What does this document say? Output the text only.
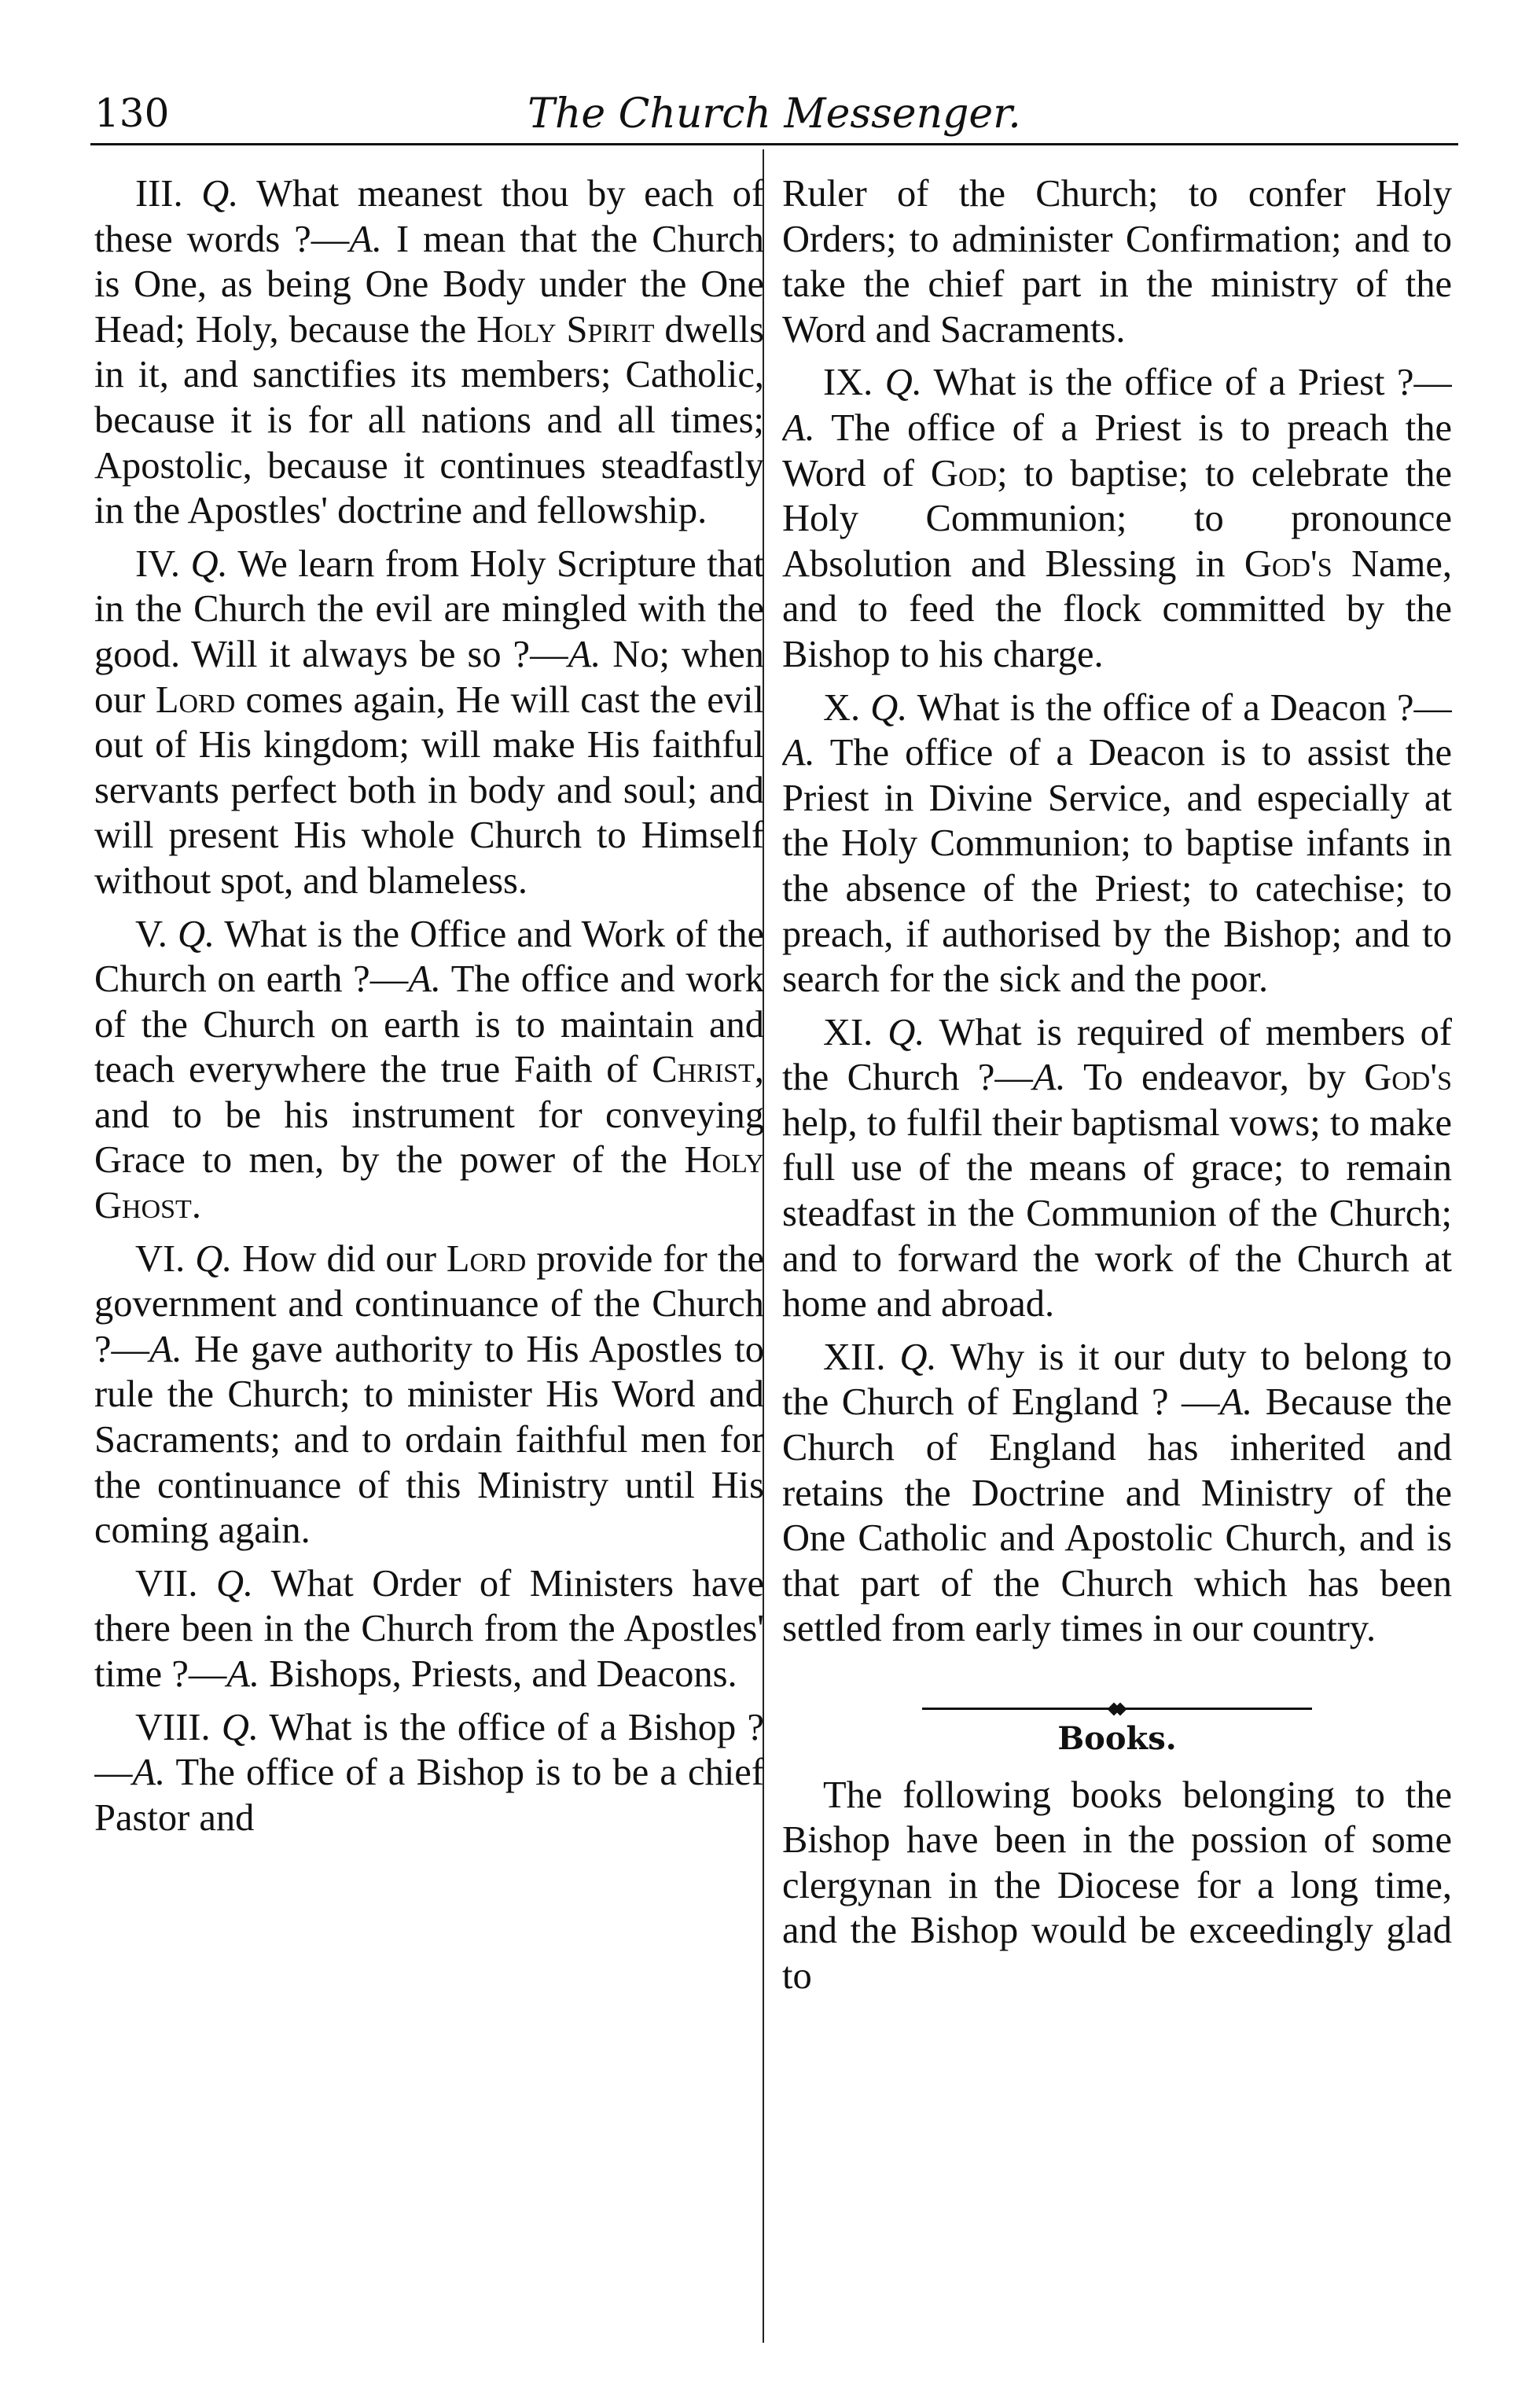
130	The Church Messenger.

III. Q. What meanest thou by each of these words ?—A. I mean that the Church is One, as being One Body under the One Head; Holy, because the Holy Spirit dwells in it, and sanctifies its members; Catholic, because it is for all nations and all times; Apostolic, because it continues steadfastly in the Apostles' doctrine and fellowship.

IV. Q. We learn from Holy Scripture that in the Church the evil are mingled with the good. Will it always be so ?—A. No; when our Lord comes again, He will cast the evil out of His kingdom; will make His faithful servants perfect both in body and soul; and will present His whole Church to Himself without spot, and blameless.

V. Q. What is the Office and Work of the Church on earth ?—A. The office and work of the Church on earth is to maintain and teach everywhere the true Faith of Christ, and to be his instrument for conveying Grace to men, by the power of the Holy Ghost.

VI. Q. How did our Lord provide for the government and continuance of the Church ?—A. He gave authority to His Apostles to rule the Church; to minister His Word and Sacraments; and to ordain faithful men for the continuance of this Ministry until His coming again.

VII. Q. What Order of Ministers have there been in the Church from the Apostles' time ?—A. Bishops, Priests, and Deacons.

VIII. Q. What is the office of a Bishop ?—A. The office of a Bishop is to be a chief Pastor and

Ruler of the Church; to confer Holy Orders; to administer Confirmation; and to take the chief part in the ministry of the Word and Sacraments.

IX. Q. What is the office of a Priest ?—A. The office of a Priest is to preach the Word of God; to baptise; to celebrate the Holy Communion; to pronounce Absolution and Blessing in God's Name, and to feed the flock committed by the Bishop to his charge.

X. Q. What is the office of a Deacon ?—A. The office of a Deacon is to assist the Priest in Divine Service, and especially at the Holy Communion; to baptise infants in the absence of the Priest; to catechise; to preach, if authorised by the Bishop; and to search for the sick and the poor.

XI. Q. What is required of members of the Church ?—A. To endeavor, by God's help, to fulfil their baptismal vows; to make full use of the means of grace; to remain steadfast in the Communion of the Church; and to forward the work of the Church at home and abroad.

XII. Q. Why is it our duty to belong to the Church of England ? —A. Because the Church of England has inherited and retains the Doctrine and Ministry of the One Catholic and Apostolic Church, and is that part of the Church which has been settled from early times in our country.

Books.

The following books belonging to the Bishop have been in the possion of some clergynan in the Diocese for a long time, and the Bishop would be exceedingly glad to
